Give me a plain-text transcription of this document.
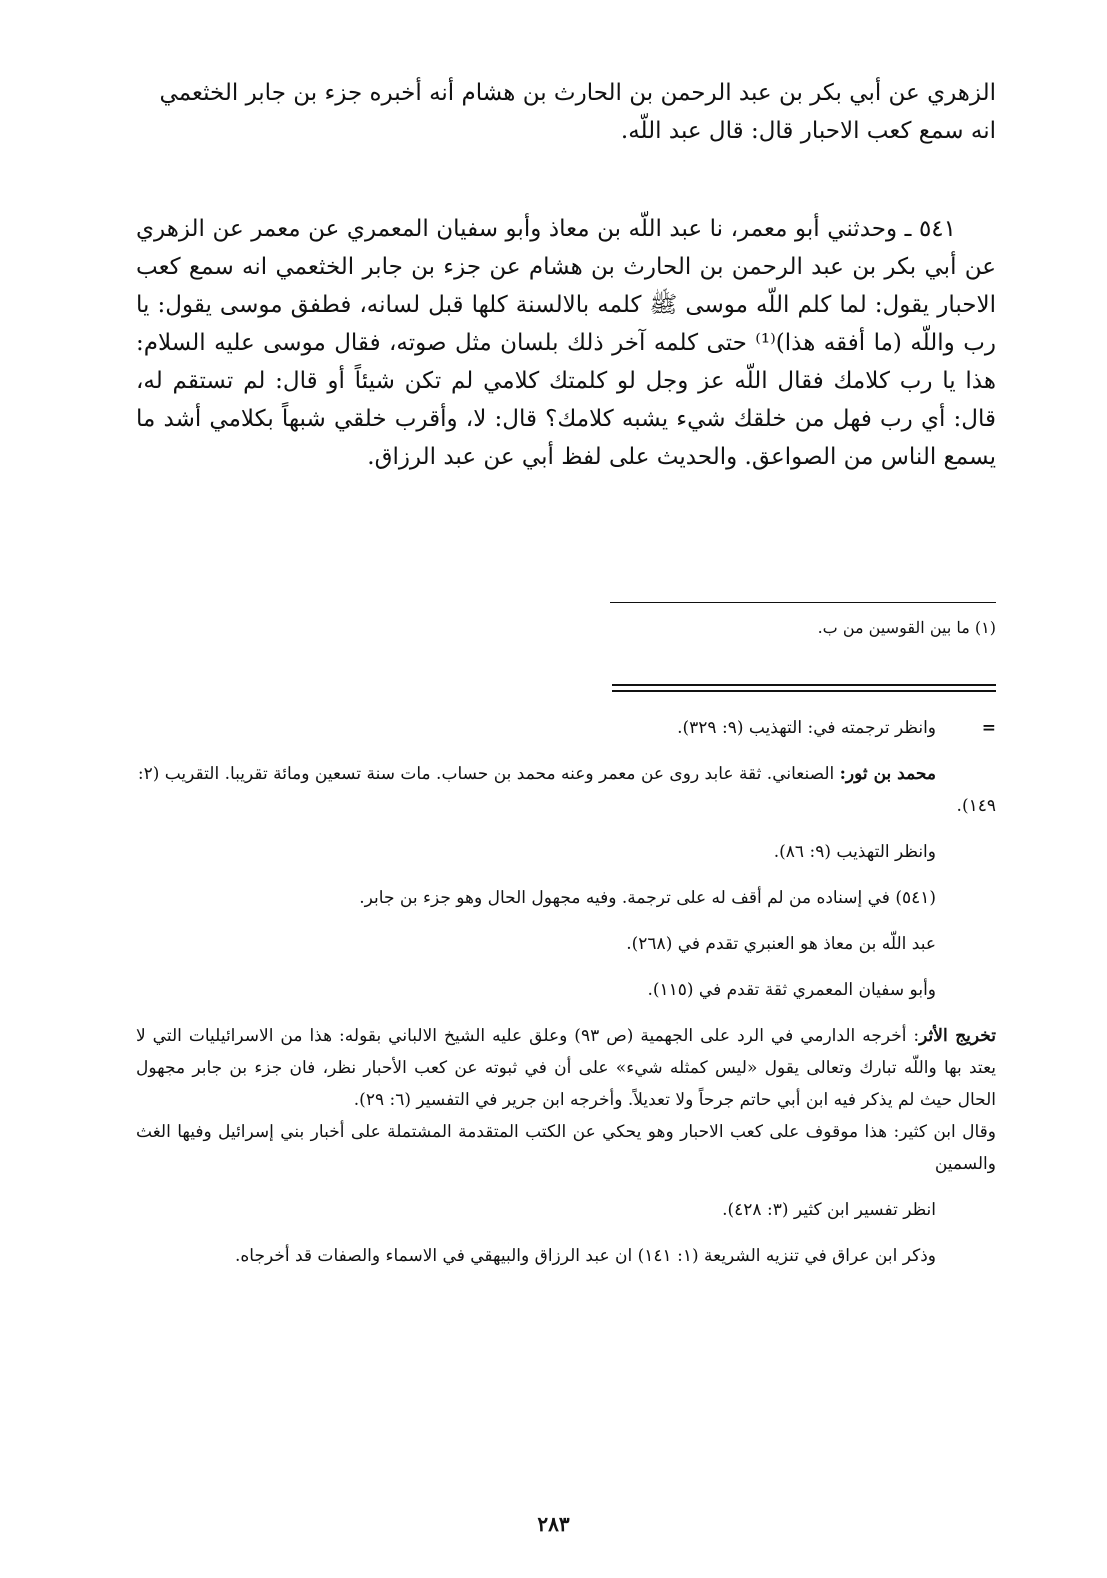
الزهري عن أبي بكر بن عبد الرحمن بن الحارث بن هشام أنه أخبره جزء بن جابر الخثعمي

انه سمع كعب الاحبار قال: قال عبد اللّه.

٥٤١ ـ وحدثني أبو معمر، نا عبد اللّه بن معاذ وأبو سفيان المعمري عن معمر عن الزهري عن أبي بكر بن عبد الرحمن بن الحارث بن هشام عن جزء بن جابر الخثعمي انه سمع كعب الاحبار يقول: لما كلم اللّه موسى ﷺ كلمه بالالسنة كلها قبل لسانه، فطفق موسى يقول: يا رب واللّه (ما أفقه هذا)⁽¹⁾ حتى كلمه آخر ذلك بلسان مثل صوته، فقال موسى عليه السلام: هذا يا رب كلامك فقال اللّه عز وجل لو كلمتك كلامي لم تكن شيئاً أو قال: لم تستقم له، قال: أي رب فهل من خلقك شيء يشبه كلامك؟ قال: لا، وأقرب خلقي شبهاً بكلامي أشد ما يسمع الناس من الصواعق. والحديث على لفظ أبي عن عبد الرزاق.

(١) ما بين القوسين من ب.

=
وانظر ترجمته في: التهذيب (٩: ٣٢٩).

محمد بن ثور: الصنعاني. ثقة عابد روى عن معمر وعنه محمد بن حساب. مات سنة تسعين ومائة تقريبا. التقريب (٢: ١٤٩).

وانظر التهذيب (٩: ٨٦).

(٥٤١) في إسناده من لم أقف له على ترجمة. وفيه مجهول الحال وهو جزء بن جابر.

عبد اللّه بن معاذ هو العنبري تقدم في (٢٦٨).

وأبو سفيان المعمري ثقة تقدم في (١١٥).

تخريج الأثر: أخرجه الدارمي في الرد على الجهمية (ص ٩٣) وعلق عليه الشيخ الالباني بقوله: هذا من الاسرائيليات التي لا يعتد بها واللّه تبارك وتعالى يقول «ليس كمثله شيء» على أن في ثبوته عن كعب الأحبار نظر، فان جزء بن جابر مجهول الحال حيث لم يذكر فيه ابن أبي حاتم جرحاً ولا تعديلاً. وأخرجه ابن جرير في التفسير (٦: ٢٩).

وقال ابن كثير: هذا موقوف على كعب الاحبار وهو يحكي عن الكتب المتقدمة المشتملة على أخبار بني إسرائيل وفيها الغث والسمين

انظر تفسير ابن كثير (٣: ٤٢٨).

وذكر ابن عراق في تنزيه الشريعة (١: ١٤١) ان عبد الرزاق والبيهقي في الاسماء والصفات قد أخرجاه.

٢٨٣
